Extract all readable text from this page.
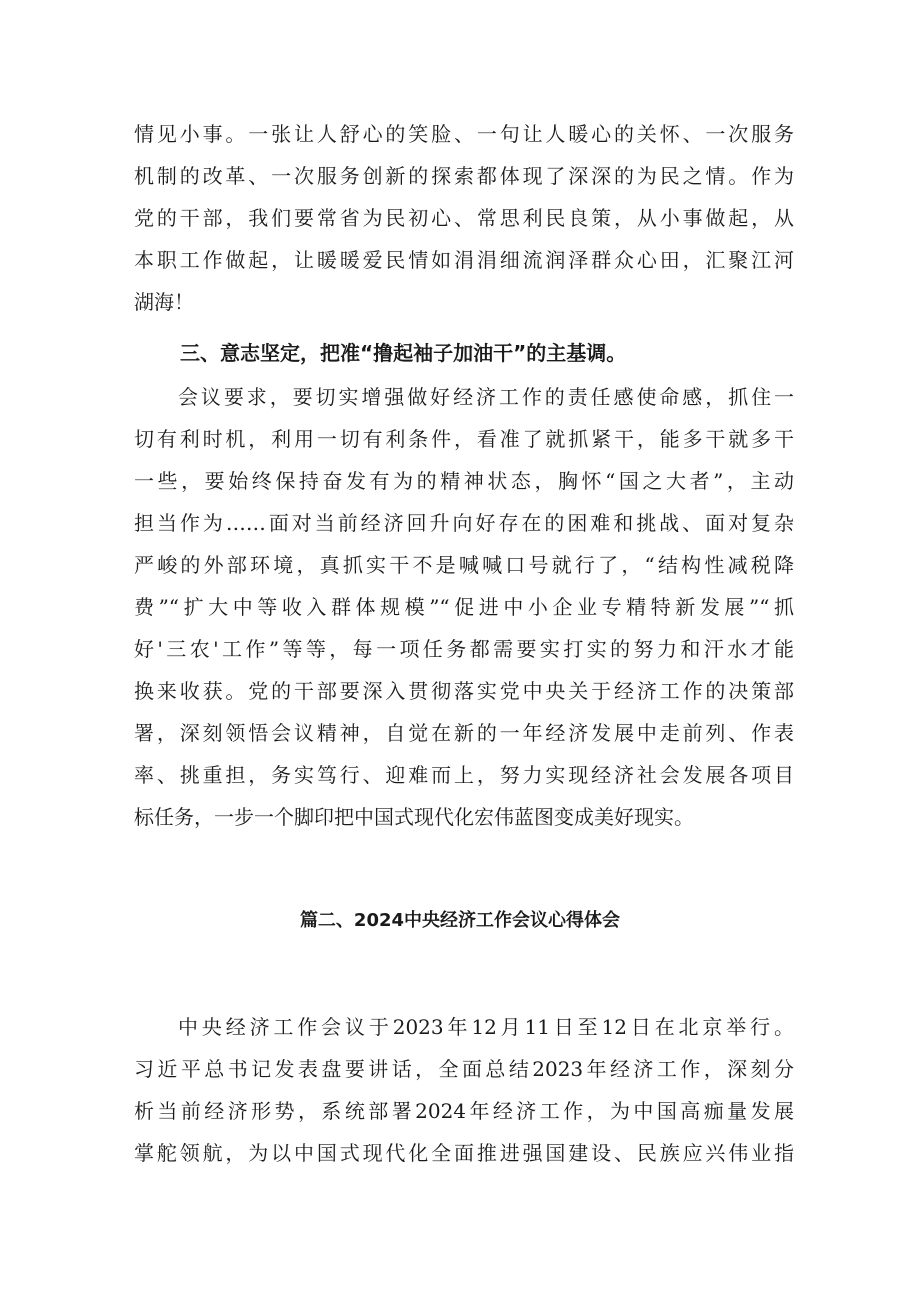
情见小事。一张让人舒心的笑脸、一句让人暖心的关怀、一次服务
机制的改革、一次服务创新的探索都体现了深深的为民之情。作为
党的干部，我们要常省为民初心、常思利民良策，从小事做起，从
本职工作做起，让暖暖爱民情如涓涓细流润泽群众心田，汇聚江河
湖海！
三、意志坚定，把准“撸起袖子加油干”的主基调。
会议要求，要切实增强做好经济工作的责任感使命感，抓住一
切有利时机，利用一切有利条件，看准了就抓紧干，能多干就多干
一些，要始终保持奋发有为的精神状态，胸怀“国之大者”，主动
担当作为……面对当前经济回升向好存在的困难和挑战、面对复杂
严峻的外部环境，真抓实干不是喊喊口号就行了，“结构性减税降
费”“扩大中等收入群体规模”“促进中小企业专精特新发展”“抓
好'三农'工作”等等，每一项任务都需要实打实的努力和汗水才能
换来收获。党的干部要深入贯彻落实党中央关于经济工作的决策部
署，深刻领悟会议精神，自觉在新的一年经济发展中走前列、作表
率、挑重担，务实笃行、迎难而上，努力实现经济社会发展各项目
标任务，一步一个脚印把中国式现代化宏伟蓝图变成美好现实。
篇二、2024中央经济工作会议心得体会
中央经济工作会议于2023年12月11日至12日在北京举行。
习近平总书记发表盘要讲话，全面总结2023年经济工作，深刻分
析当前经济形势，系统部署2024年经济工作，为中国高痂量发展
掌舵领航，为以中国式现代化全面推进强国建设、民族应兴伟业指
